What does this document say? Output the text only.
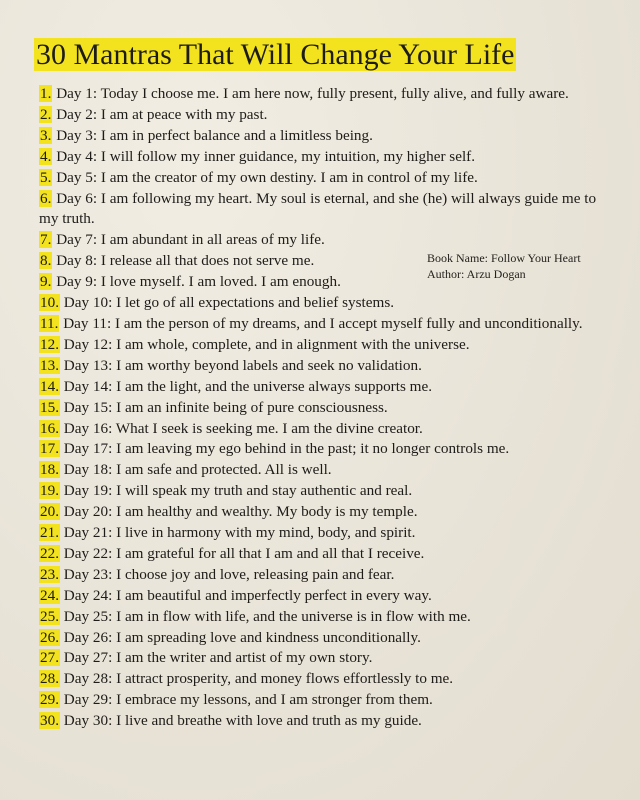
30 Mantras That Will Change Your Life
Book Name: Follow Your Heart
Author: Arzu Dogan
1. Day 1: Today I choose me. I am here now, fully present, fully alive, and fully aware.
2. Day 2: I am at peace with my past.
3. Day 3: I am in perfect balance and a limitless being.
4. Day 4: I will follow my inner guidance, my intuition, my higher self.
5. Day 5: I am the creator of my own destiny. I am in control of my life.
6. Day 6: I am following my heart. My soul is eternal, and she (he) will always guide me to my truth.
7. Day 7: I am abundant in all areas of my life.
8. Day 8: I release all that does not serve me.
9. Day 9: I love myself. I am loved. I am enough.
10. Day 10: I let go of all expectations and belief systems.
11. Day 11: I am the person of my dreams, and I accept myself fully and unconditionally.
12. Day 12: I am whole, complete, and in alignment with the universe.
13. Day 13: I am worthy beyond labels and seek no validation.
14. Day 14: I am the light, and the universe always supports me.
15. Day 15: I am an infinite being of pure consciousness.
16. Day 16: What I seek is seeking me. I am the divine creator.
17. Day 17: I am leaving my ego behind in the past; it no longer controls me.
18. Day 18: I am safe and protected. All is well.
19. Day 19: I will speak my truth and stay authentic and real.
20. Day 20: I am healthy and wealthy. My body is my temple.
21. Day 21: I live in harmony with my mind, body, and spirit.
22. Day 22: I am grateful for all that I am and all that I receive.
23. Day 23: I choose joy and love, releasing pain and fear.
24. Day 24: I am beautiful and imperfectly perfect in every way.
25. Day 25: I am in flow with life, and the universe is in flow with me.
26. Day 26: I am spreading love and kindness unconditionally.
27. Day 27: I am the writer and artist of my own story.
28. Day 28: I attract prosperity, and money flows effortlessly to me.
29. Day 29: I embrace my lessons, and I am stronger from them.
30. Day 30: I live and breathe with love and truth as my guide.
